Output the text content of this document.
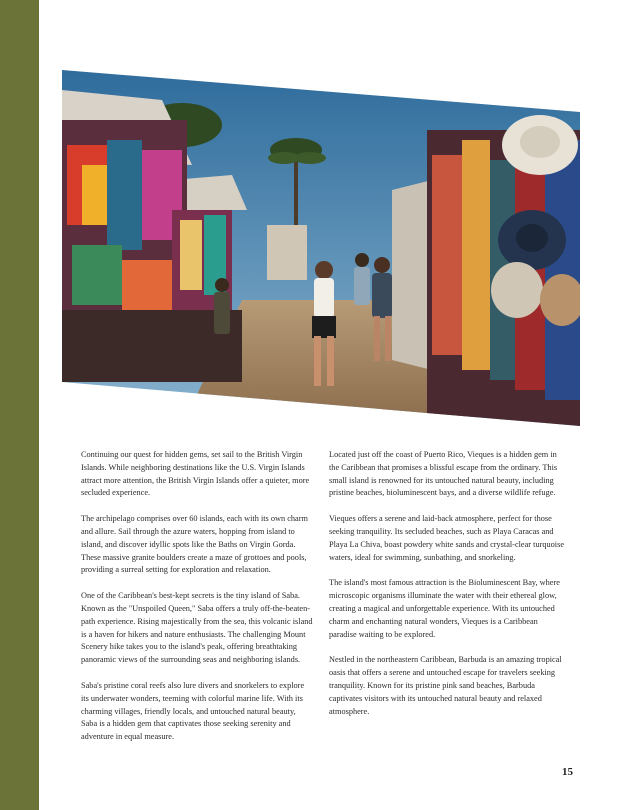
Continuing our quest for hidden gems, set sail to the British Virgin Islands. While neighboring destinations like the U.S. Virgin Islands attract more attention, the British Virgin Islands offer a quieter, more secluded experience.

The archipelago comprises over 60 islands, each with its own charm and allure. Sail through the azure waters, hopping from island to island, and discover idyllic spots like the Baths on Virgin Gorda. These massive granite boulders create a maze of grottoes and pools, providing a surreal setting for exploration and relaxation.

One of the Caribbean's best-kept secrets is the tiny island of Saba. Known as the "Unspoiled Queen," Saba offers a truly off-the-beaten-path experience. Rising majestically from the sea, this volcanic island is a haven for hikers and nature enthusiasts. The challenging Mount Scenery hike takes you to the island's peak, offering breathtaking panoramic views of the surrounding seas and neighboring islands.

Saba's pristine coral reefs also lure divers and snorkelers to explore its underwater wonders, teeming with colorful marine life. With its charming villages, friendly locals, and untouched natural beauty, Saba is a hidden gem that captivates those seeking serenity and adventure in equal measure.

Located just off the coast of Puerto Rico, Vieques is a hidden gem in the Caribbean that promises a blissful escape from the ordinary. This small island is renowned for its untouched natural beauty, including pristine beaches, bioluminescent bays, and a diverse wildlife refuge.

Vieques offers a serene and laid-back atmosphere, perfect for those seeking tranquility. Its secluded beaches, such as Playa Caracas and Playa La Chiva, boast powdery white sands and crystal-clear turquoise waters, ideal for swimming, sunbathing, and snorkeling.

The island's most famous attraction is the Bioluminescent Bay, where microscopic organisms illuminate the water with their ethereal glow, creating a magical and unforgettable experience. With its untouched charm and enchanting natural wonders, Vieques is a Caribbean paradise waiting to be explored.

Nestled in the northeastern Caribbean, Barbuda is an amazing tropical oasis that offers a serene and untouched escape for travelers seeking tranquility. Known for its pristine pink sand beaches, Barbuda captivates visitors with its untouched natural beauty and relaxed atmosphere.

15
